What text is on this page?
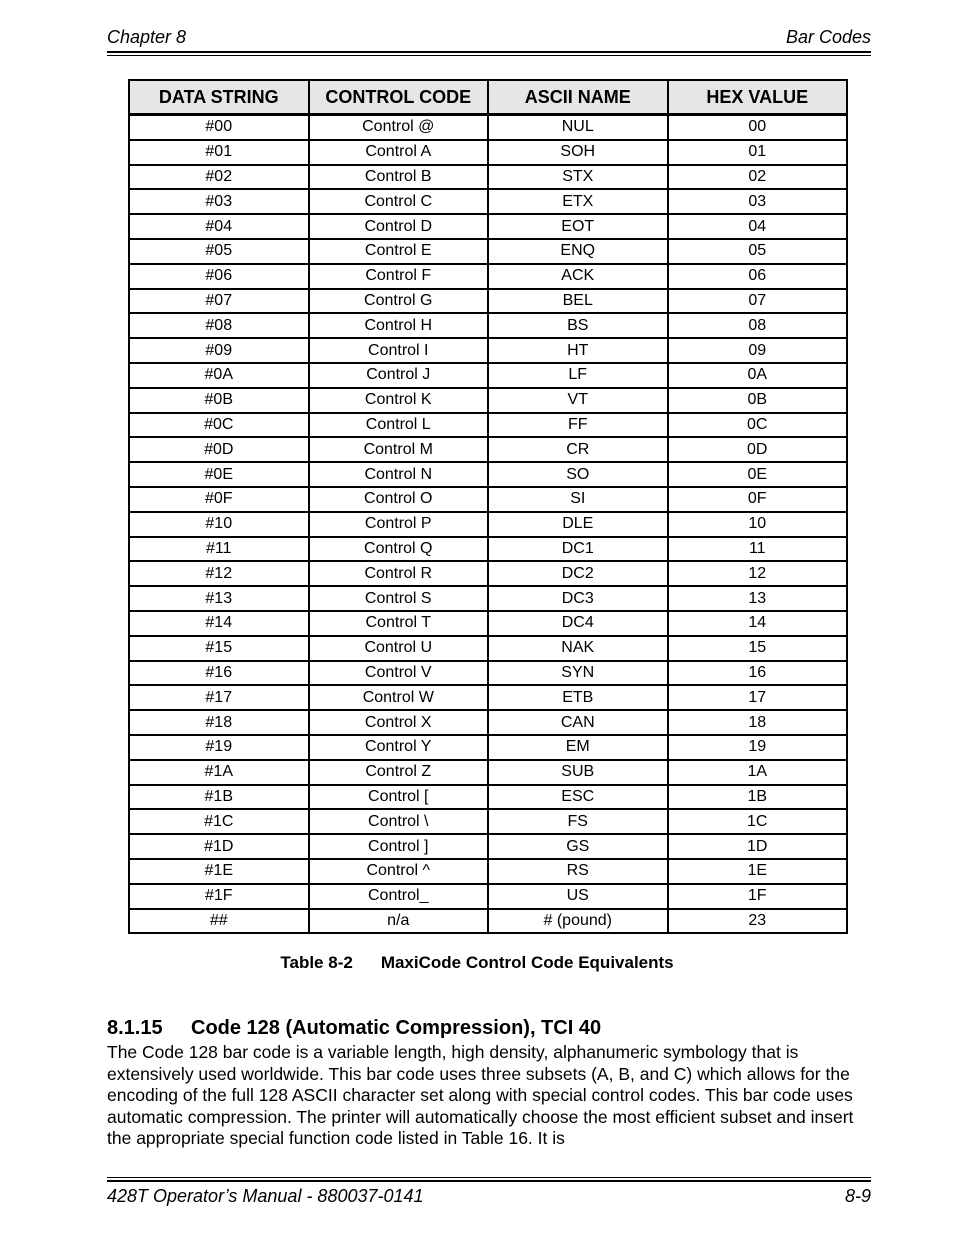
Chapter 8	Bar Codes
DATA STRING	CONTROL CODE	ASCII NAME	HEX VALUE
#00	Control @	NUL	00
#01	Control A	SOH	01
#02	Control B	STX	02
#03	Control C	ETX	03
#04	Control D	EOT	04
#05	Control E	ENQ	05
#06	Control F	ACK	06
#07	Control G	BEL	07
#08	Control H	BS	08
#09	Control I	HT	09
#0A	Control J	LF	0A
#0B	Control K	VT	0B
#0C	Control L	FF	0C
#0D	Control M	CR	0D
#0E	Control N	SO	0E
#0F	Control O	SI	0F
#10	Control P	DLE	10
#11	Control Q	DC1	11
#12	Control R	DC2	12
#13	Control S	DC3	13
#14	Control T	DC4	14
#15	Control U	NAK	15
#16	Control V	SYN	16
#17	Control W	ETB	17
#18	Control X	CAN	18
#19	Control Y	EM	19
#1A	Control Z	SUB	1A
#1B	Control [	ESC	1B
#1C	Control \	FS	1C
#1D	Control ]	GS	1D
#1E	Control ^	RS	1E
#1F	Control_	US	1F
##	n/a	# (pound)	23
Table 8-2 MaxiCode Control Code Equivalents
8.1.15 Code 128 (Automatic Compression), TCI 40
The Code 128 bar code is a variable length, high density, alphanumeric symbology that is extensively used worldwide. This bar code uses three subsets (A, B, and C) which allows for the encoding of the full 128 ASCII character set along with special control codes. This bar code uses automatic compression. The printer will automatically choose the most efficient subset and insert the appropriate special function code listed in Table 16. It is
428T Operator’s Manual - 880037-0141	8-9
